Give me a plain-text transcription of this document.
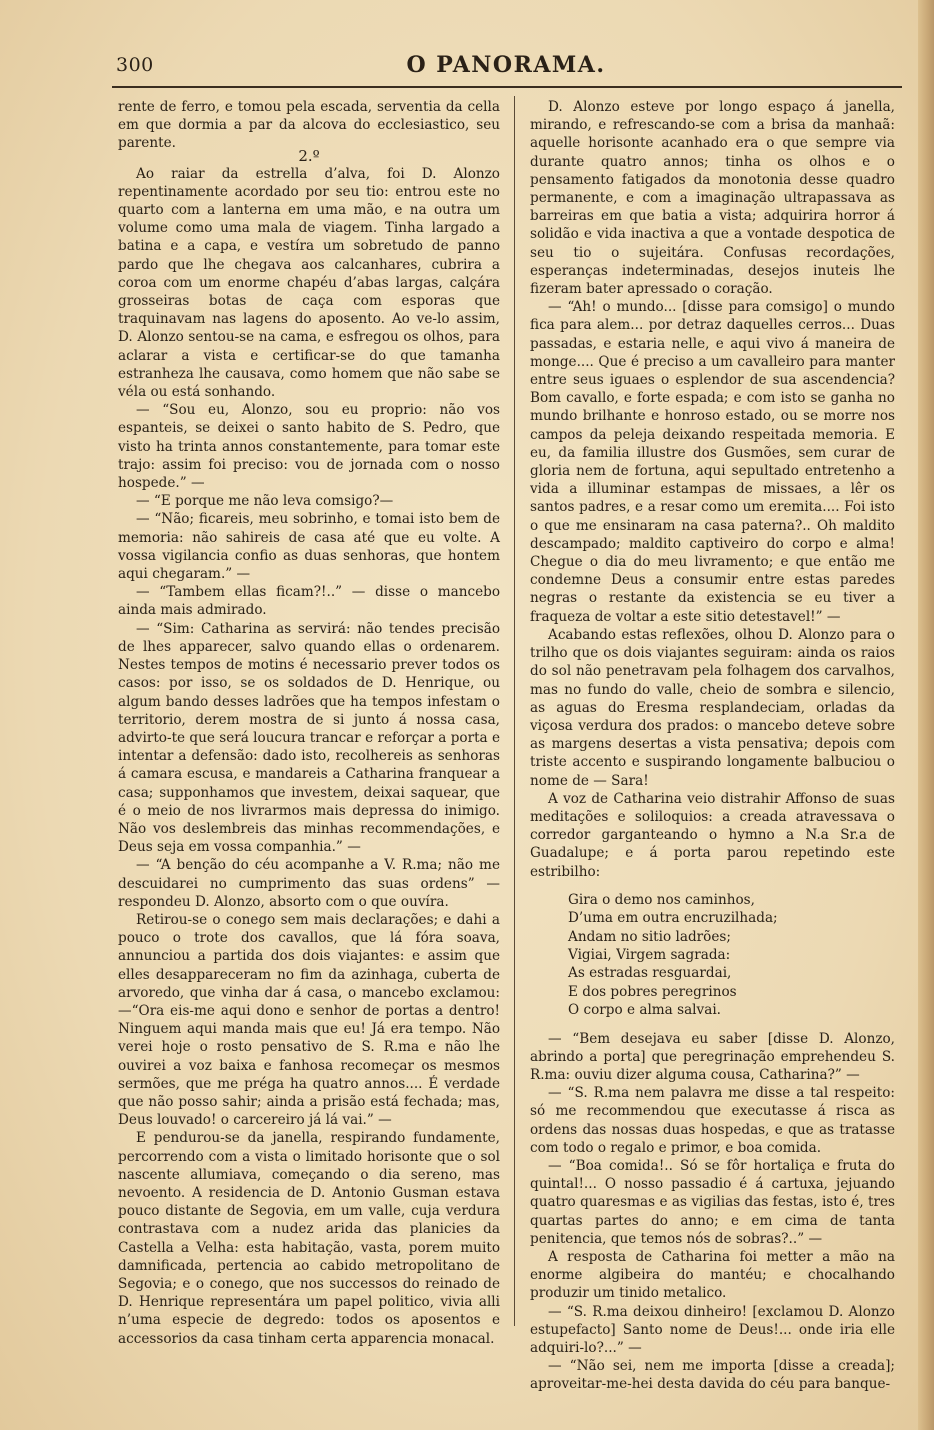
300	O PANORAMA.

rente de ferro, e tomou pela escada, serventia da cella em que dormia a par da alcova do ecclesiastico, seu parente.

2.º

Ao raiar da estrella d’alva, foi D. Alonzo repentinamente acordado por seu tio: entrou este no quarto com a lanterna em uma mão, e na outra um volume como uma mala de viagem. Tinha largado a batina e a capa, e vestíra um sobretudo de panno pardo que lhe chegava aos calcanhares, cubrira a coroa com um enorme chapéu d’abas largas, calçára grosseiras botas de caça com esporas que traquinavam nas lagens do aposento. Ao ve-lo assim, D. Alonzo sentou-se na cama, e esfregou os olhos, para aclarar a vista e certificar-se do que tamanha estranheza lhe causava, como homem que não sabe se véla ou está sonhando.

— “Sou eu, Alonzo, sou eu proprio: não vos espanteis, se deixei o santo habito de S. Pedro, que visto ha trinta annos constantemente, para tomar este trajo: assim foi preciso: vou de jornada com o nosso hospede.” —

— “E porque me não leva comsigo?—

— “Não; ficareis, meu sobrinho, e tomai isto bem de memoria: não sahireis de casa até que eu volte. A vossa vigilancia confio as duas senhoras, que hontem aqui chegaram.” —

— “Tambem ellas ficam?!..” — disse o mancebo ainda mais admirado.

— “Sim: Catharina as servirá: não tendes precisão de lhes apparecer, salvo quando ellas o ordenarem. Nestes tempos de motins é necessario prever todos os casos: por isso, se os soldados de D. Henrique, ou algum bando desses ladrões que ha tempos infestam o territorio, derem mostra de si junto á nossa casa, advirto-te que será loucura trancar e reforçar a porta e intentar a defensão: dado isto, recolhereis as senhoras á camara escusa, e mandareis a Catharina franquear a casa; supponhamos que investem, deixai saquear, que é o meio de nos livrarmos mais depressa do inimigo. Não vos deslembreis das minhas recommendações, e Deus seja em vossa companhia.” —

— “A benção do céu acompanhe a V. R.ma; não me descuidarei no cumprimento das suas ordens” — respondeu D. Alonzo, absorto com o que ouvíra.

Retirou-se o conego sem mais declarações; e dahi a pouco o trote dos cavallos, que lá fóra soava, annunciou a partida dos dois viajantes: e assim que elles desappareceram no fim da azinhaga, cuberta de arvoredo, que vinha dar á casa, o mancebo exclamou: —“Ora eis-me aqui dono e senhor de portas a dentro! Ninguem aqui manda mais que eu! Já era tempo. Não verei hoje o rosto pensativo de S. R.ma e não lhe ouvirei a voz baixa e fanhosa recomeçar os mesmos sermões, que me préga ha quatro annos.... É verdade que não posso sahir; ainda a prisão está fechada; mas, Deus louvado! o carcereiro já lá vai.” —

E pendurou-se da janella, respirando fundamente, percorrendo com a vista o limitado horisonte que o sol nascente allumiava, começando o dia sereno, mas nevoento. A residencia de D. Antonio Gusman estava pouco distante de Segovia, em um valle, cuja verdura contrastava com a nudez arida das planicies da Castella a Velha: esta habitação, vasta, porem muito damnificada, pertencia ao cabido metropolitano de Segovia; e o conego, que nos successos do reinado de D. Henrique representára um papel politico, vivia alli n’uma especie de degredo: todos os aposentos e accessorios da casa tinham certa apparencia monacal.

D. Alonzo esteve por longo espaço á janella, mirando, e refrescando-se com a brisa da manhaã: aquelle horisonte acanhado era o que sempre via durante quatro annos; tinha os olhos e o pensamento fatigados da monotonia desse quadro permanente, e com a imaginação ultrapassava as barreiras em que batia a vista; adquirira horror á solidão e vida inactiva a que a vontade despotica de seu tio o sujeitára. Confusas recordações, esperanças indeterminadas, desejos inuteis lhe fizeram bater apressado o coração.

— “Ah! o mundo... [disse para comsigo] o mundo fica para alem... por detraz daquelles cerros... Duas passadas, e estaria nelle, e aqui vivo á maneira de monge.... Que é preciso a um cavalleiro para manter entre seus iguaes o esplendor de sua ascendencia? Bom cavallo, e forte espada; e com isto se ganha no mundo brilhante e honroso estado, ou se morre nos campos da peleja deixando respeitada memoria. E eu, da familia illustre dos Gusmões, sem curar de gloria nem de fortuna, aqui sepultado entretenho a vida a illuminar estampas de missaes, a lêr os santos padres, e a resar como um eremita.... Foi isto o que me ensinaram na casa paterna?.. Oh maldito descampado; maldito captiveiro do corpo e alma! Chegue o dia do meu livramento; e que então me condemne Deus a consumir entre estas paredes negras o restante da existencia se eu tiver a fraqueza de voltar a este sitio detestavel!” —

Acabando estas reflexões, olhou D. Alonzo para o trilho que os dois viajantes seguiram: ainda os raios do sol não penetravam pela folhagem dos carvalhos, mas no fundo do valle, cheio de sombra e silencio, as aguas do Eresma resplandeciam, orladas da viçosa verdura dos prados: o mancebo deteve sobre as margens desertas a vista pensativa; depois com triste accento e suspirando longamente balbuciou o nome de — Sara!

A voz de Catharina veio distrahir Affonso de suas meditações e soliloquios: a creada atravessava o corredor garganteando o hymno a N.a Sr.a de Guadalupe; e á porta parou repetindo este estribilho:

Gira o demo nos caminhos,
D’uma em outra encruzilhada;
Andam no sitio ladrões;
Vigiai, Virgem sagrada:
As estradas resguardai,
E dos pobres peregrinos
O corpo e alma salvai.

— “Bem desejava eu saber [disse D. Alonzo, abrindo a porta] que peregrinação emprehendeu S. R.ma: ouviu dizer alguma cousa, Catharina?” —

— “S. R.ma nem palavra me disse a tal respeito: só me recommendou que executasse á risca as ordens das nossas duas hospedas, e que as tratasse com todo o regalo e primor, e boa comida.

— “Boa comida!.. Só se fôr hortaliça e fruta do quintal!... O nosso passadio é á cartuxa, jejuando quatro quaresmas e as vigilias das festas, isto é, tres quartas partes do anno; e em cima de tanta penitencia, que temos nós de sobras?..” —

A resposta de Catharina foi metter a mão na enorme algibeira do mantéu; e chocalhando produzir um tinido metalico.

— “S. R.ma deixou dinheiro! [exclamou D. Alonzo estupefacto] Santo nome de Deus!... onde iria elle adquiri-lo?...” —

— “Não sei, nem me importa [disse a creada]; aproveitar-me-hei desta davida do céu para banque-
